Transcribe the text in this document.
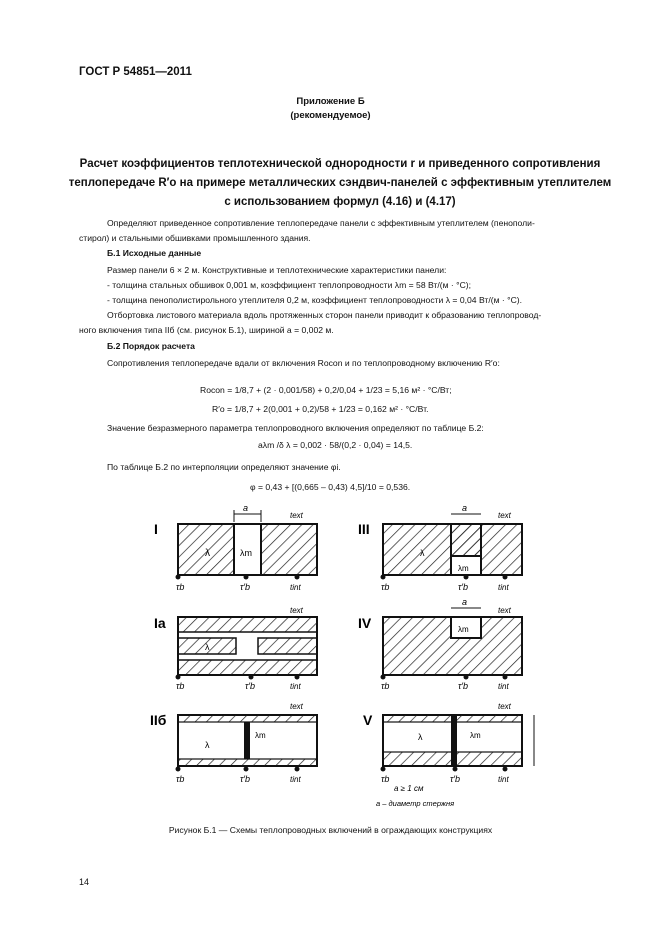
ГОСТ Р 54851—2011
Приложение Б
(рекомендуемое)
Расчет коэффициентов теплотехнической однородности r и приведенного сопротивления
теплопередаче R′о на примере металлических сэндвич-панелей с эффективным утеплителем
с использованием формул (4.16) и (4.17)
Определяют приведенное сопротивление теплопередаче панели с эффективным утеплителем (пенополи-
стирол) и стальными обшивками промышленного здания.
Б.1 Исходные данные
Размер панели 6 × 2 м. Конструктивные и теплотехнические характеристики панели:
- толщина стальных обшивок 0,001 м, коэффициент теплопроводности λm = 58 Вт/(м · °С);
- толщина пенополистирольного утеплителя 0,2 м, коэффициент теплопроводности λ = 0,04 Вт/(м · °С).
Отбортовка листового материала вдоль протяженных сторон панели приводит к образованию теплопровод-
ного включения типа IIб (см. рисунок Б.1), шириной a = 0,002 м.
Б.2 Порядок расчета
Сопротивления теплопередаче вдали от включения Rocon и по теплопроводному включению R′о:
Rocon = 1/8,7 + (2 · 0,001/58) + 0,2/0,04 + 1/23 = 5,16 м² · °С/Вт;
R′о = 1/8,7 + 2(0,001 + 0,2)/58 + 1/23 = 0,162 м² · °С/Вт.
Значение безразмерного параметра теплопроводного включения определяют по таблице Б.2:
aλm /δ λ = 0,002 · 58/(0,2 · 0,04) = 14,5.
По таблице Б.2 по интерполяции определяют значение φi.
φ = 0,43 + [(0,665 – 0,43) 4,5]/10 = 0,536.
I
a
λ	λm
text
τb	τ′b	tint
Iа
λ
text
τb	τ′b	tint
IIб
λ
λm
text
τb	τ′b	tint
III
a
λ
λm
text
τb	τ′b	tint
IV
a
λm
text
τb	τ′b	tint
V
λ	λm
text
τb	τ′b	tint
a ≥ 1 см
a – диаметр стержня
Рисунок Б.1 — Схемы теплопроводных включений в ограждающих конструкциях
14
